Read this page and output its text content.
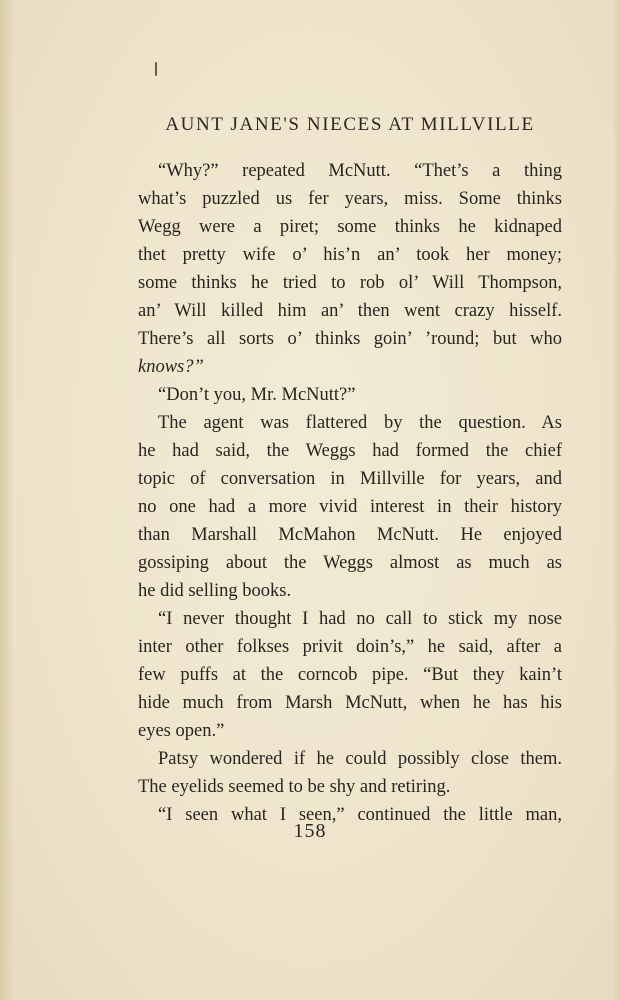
AUNT JANE'S NIECES AT MILLVILLE
“Why?” repeated McNutt. “Thet’s a thing
what’s puzzled us fer years, miss. Some thinks
Wegg were a piret; some thinks he kidnaped
thet pretty wife o’ his’n an’ took her money;
some thinks he tried to rob ol’ Will Thompson,
an’ Will killed him an’ then went crazy hisself.
There’s all sorts o’ thinks goin’ ’round; but who
knows?”
“Don’t you, Mr. McNutt?”
The agent was flattered by the question. As
he had said, the Weggs had formed the chief
topic of conversation in Millville for years, and
no one had a more vivid interest in their history
than Marshall McMahon McNutt. He enjoyed
gossiping about the Weggs almost as much as
he did selling books.
“I never thought I had no call to stick my nose
inter other folkses privit doin’s,” he said, after a
few puffs at the corncob pipe. “But they kain’t
hide much from Marsh McNutt, when he has his
eyes open.”
Patsy wondered if he could possibly close them.
The eyelids seemed to be shy and retiring.
“I seen what I seen,” continued the little man,
158
